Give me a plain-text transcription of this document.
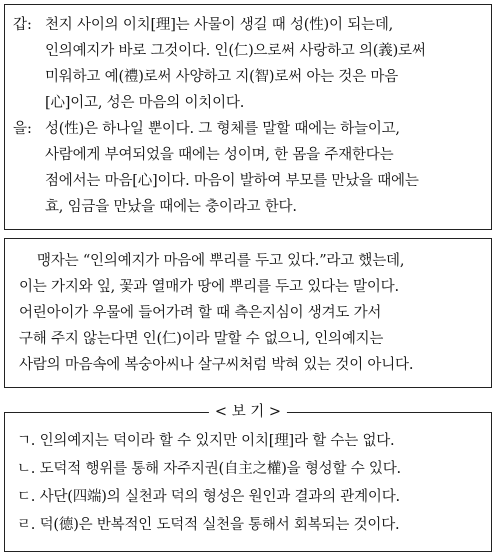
갑: 천지 사이의 이치[理]는 사물이 생길 때 성(性)이 되는데,
인의예지가 바로 그것이다. 인(仁)으로써 사랑하고 의(義)로써
미워하고 예(禮)로써 사양하고 지(智)로써 아는 것은 마음
[心]이고, 성은 마음의 이치이다.
을: 성(性)은 하나일 뿐이다. 그 형체를 말할 때에는 하늘이고,
사람에게 부여되었을 때에는 성이며, 한 몸을 주재한다는
점에서는 마음[心]이다. 마음이 발하여 부모를 만났을 때에는
효, 임금을 만났을 때에는 충이라고 한다.
맹자는 “인의예지가 마음에 뿌리를 두고 있다.”라고 했는데,
이는 가지와 잎, 꽃과 열매가 땅에 뿌리를 두고 있다는 말이다.
어린아이가 우물에 들어가려 할 때 측은지심이 생겨도 가서
구해 주지 않는다면 인(仁)이라 말할 수 없으니, 인의예지는
사람의 마음속에 복숭아씨나 살구씨처럼 박혀 있는 것이 아니다.
< 보 기 >
ㄱ. 인의예지는 덕이라 할 수 있지만 이치[理]라 할 수는 없다.
ㄴ. 도덕적 행위를 통해 자주지권(自主之權)을 형성할 수 있다.
ㄷ. 사단(四端)의 실천과 덕의 형성은 원인과 결과의 관계이다.
ㄹ. 덕(德)은 반복적인 도덕적 실천을 통해서 회복되는 것이다.
